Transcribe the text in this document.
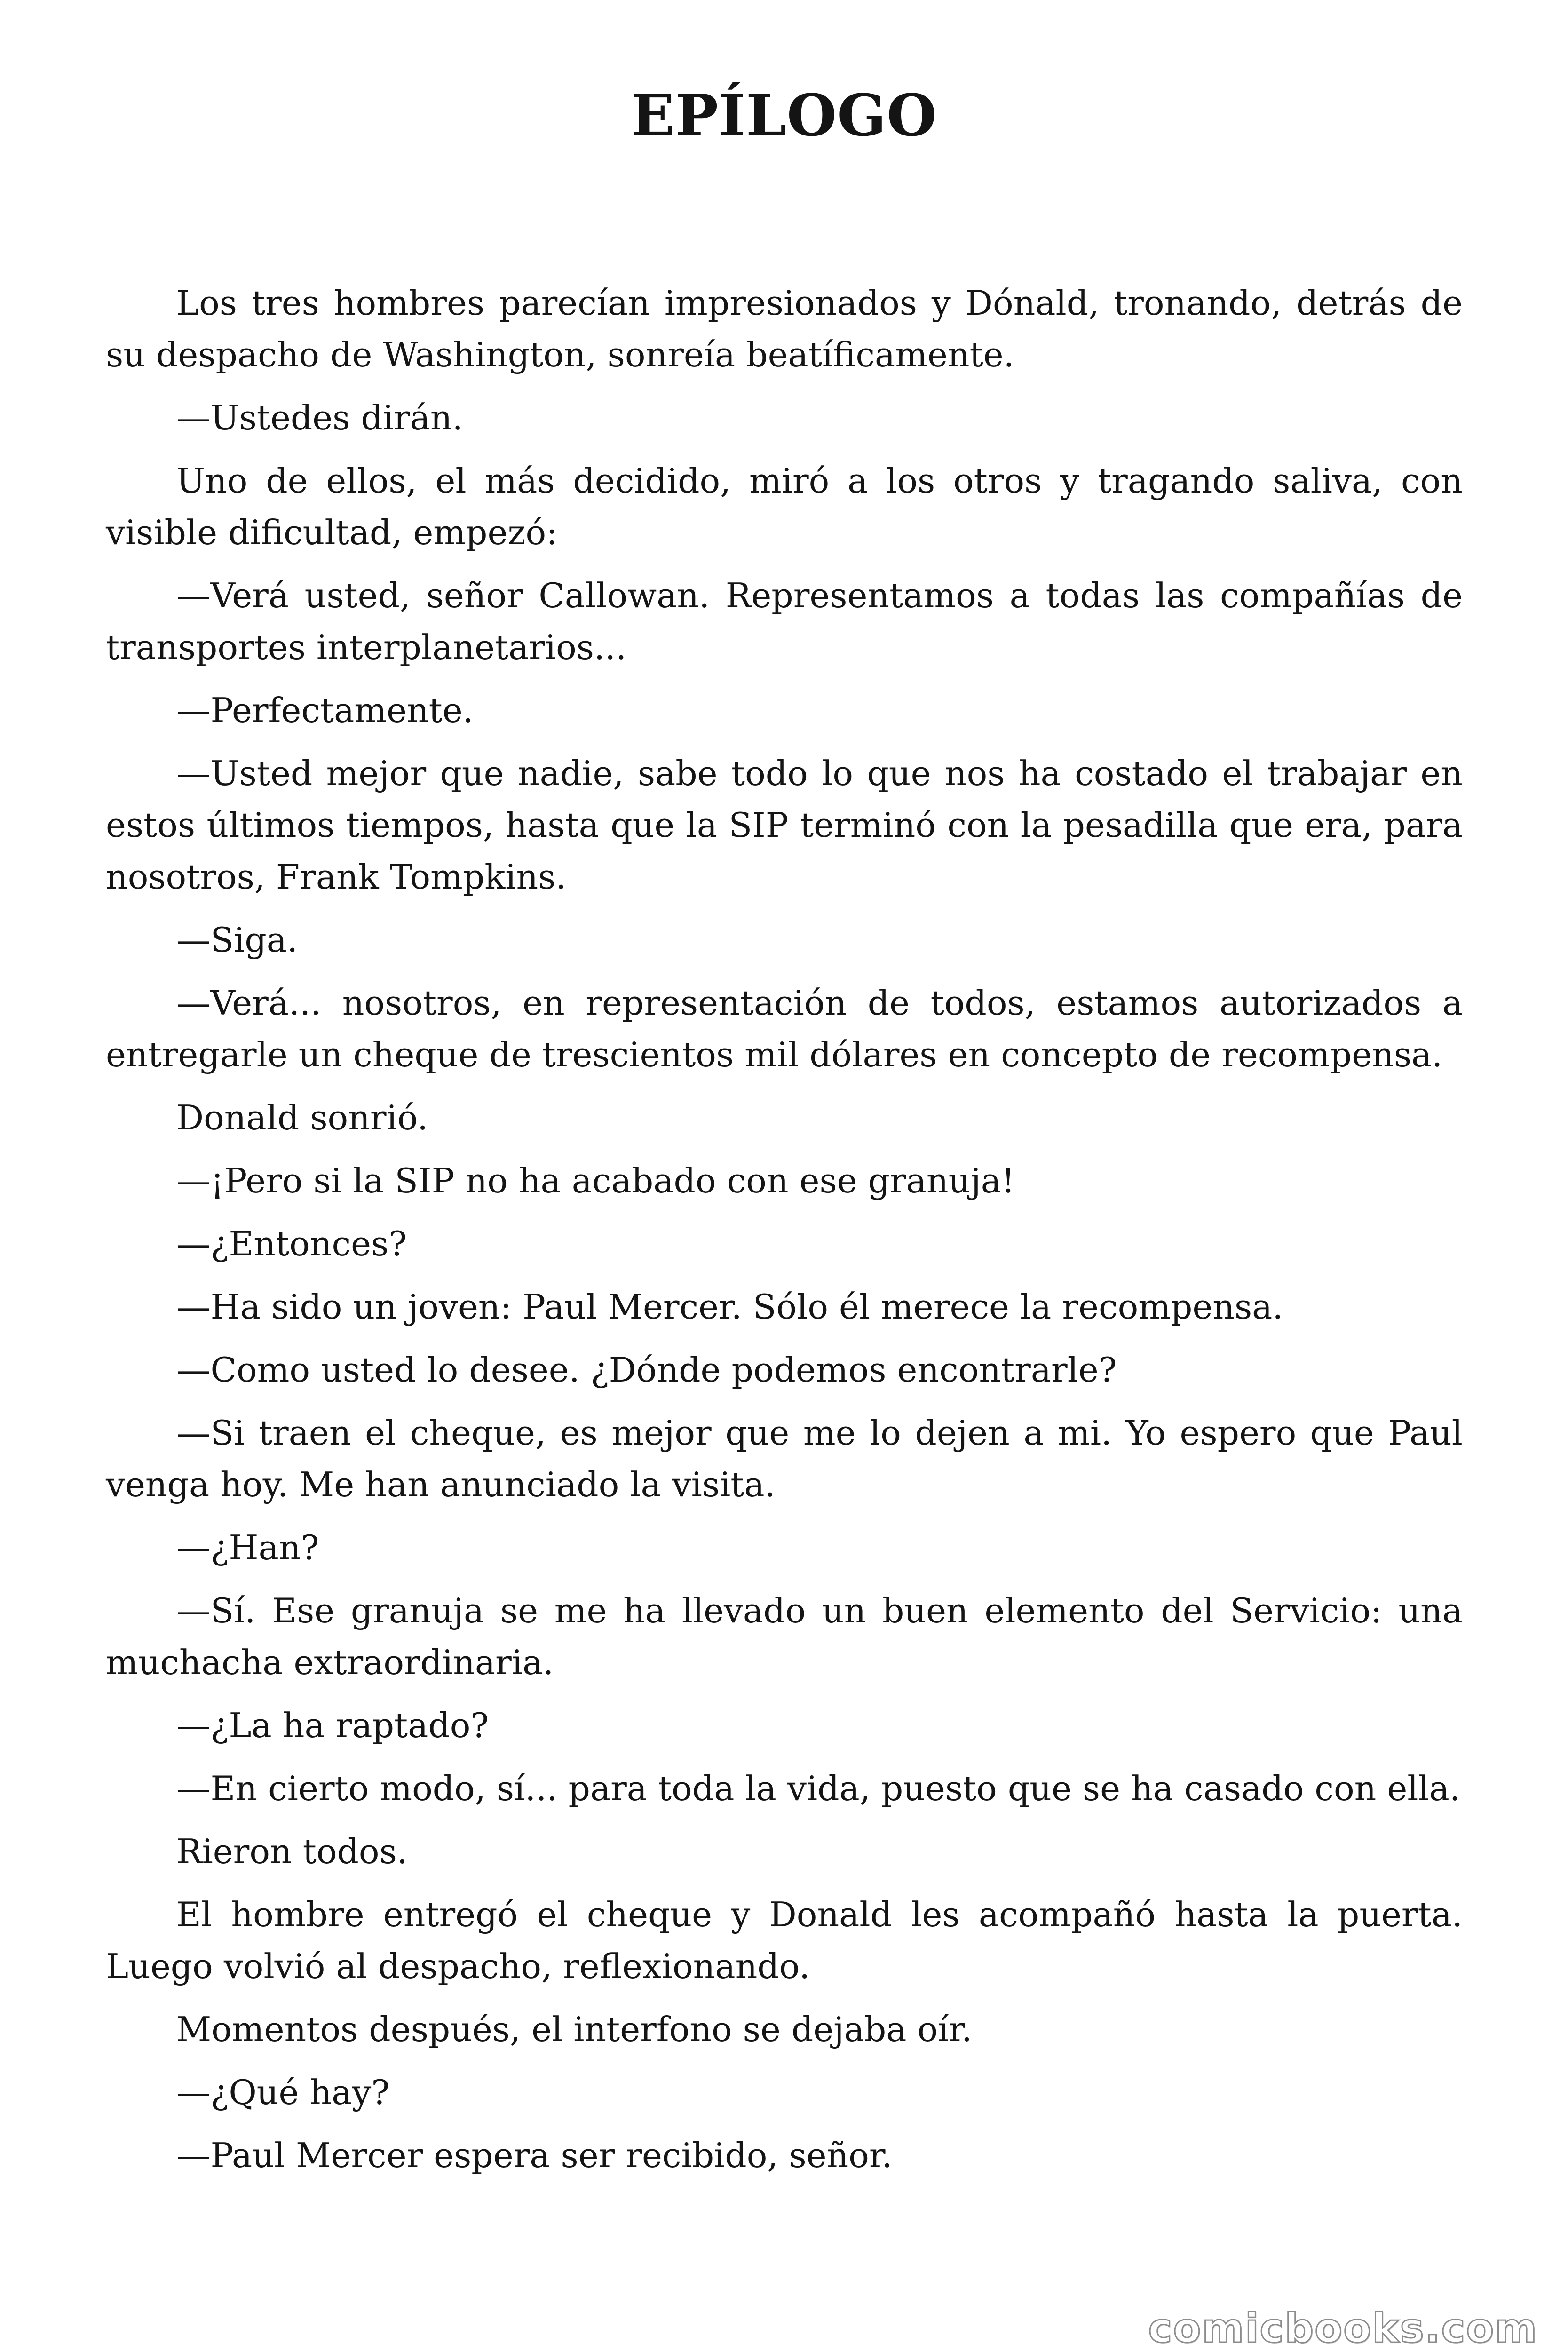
EPÍLOGO

Los tres hombres parecían impresionados y Dónald, tronando, detrás de su despacho de Washington, sonreía beatíficamente.

—Ustedes dirán.

Uno de ellos, el más decidido, miró a los otros y tragando saliva, con visible dificultad, empezó:

—Verá usted, señor Callowan. Representamos a todas las compañías de transportes interplanetarios...

—Perfectamente.

—Usted mejor que nadie, sabe todo lo que nos ha costado el trabajar en estos últimos tiempos, hasta que la SIP terminó con la pesadilla que era, para nosotros, Frank Tompkins.

—Siga.

—Verá... nosotros, en representación de todos, estamos autorizados a entregarle un cheque de trescientos mil dólares en concepto de recompensa.

Donald sonrió.

—¡Pero si la SIP no ha acabado con ese granuja!

—¿Entonces?

—Ha sido un joven: Paul Mercer. Sólo él merece la recompensa.

—Como usted lo desee. ¿Dónde podemos encontrarle?

—Si traen el cheque, es mejor que me lo dejen a mi. Yo espero que Paul venga hoy. Me han anunciado la visita.

—¿Han?

—Sí. Ese granuja se me ha llevado un buen elemento del Servicio: una muchacha extraordinaria.

—¿La ha raptado?

—En cierto modo, sí... para toda la vida, puesto que se ha casado con ella.

Rieron todos.

El hombre entregó el cheque y Donald les acompañó hasta la puerta. Luego volvió al despacho, reflexionando.

Momentos después, el interfono se dejaba oír.

—¿Qué hay?

—Paul Mercer espera ser recibido, señor.

comicbooks.com
